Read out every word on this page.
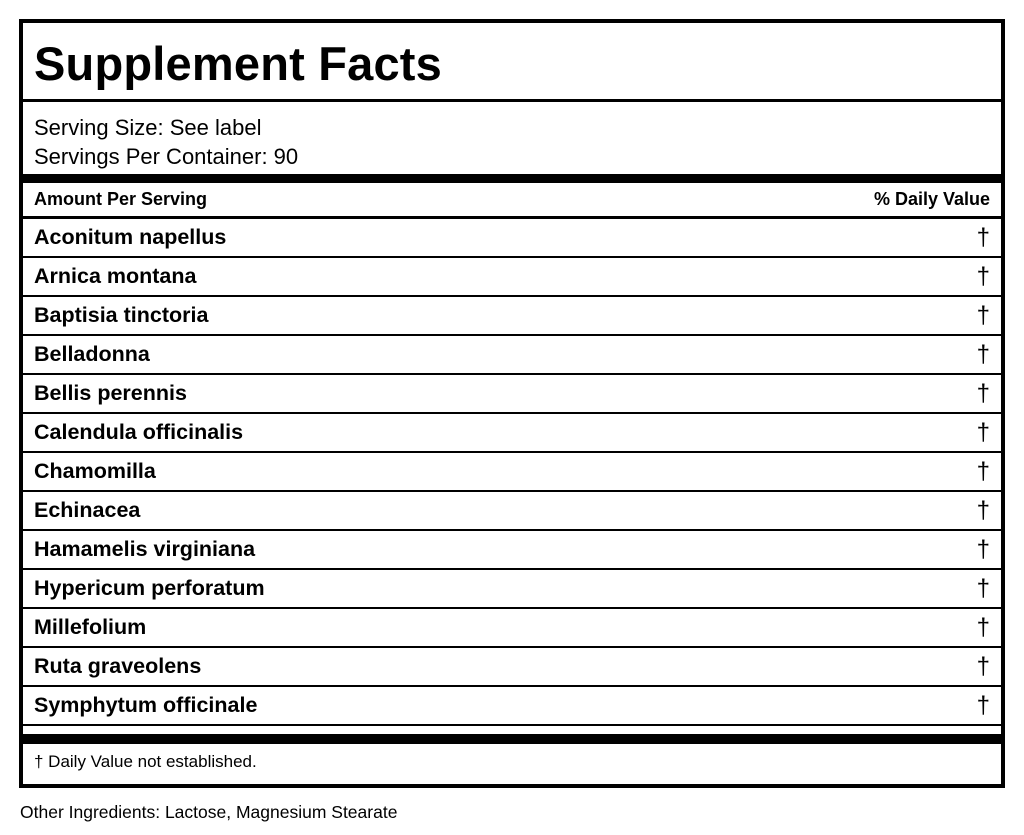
Supplement Facts
Serving Size: See label
Servings Per Container: 90
Amount Per Serving	% Daily Value
Aconitum napellus	†
Arnica montana	†
Baptisia tinctoria	†
Belladonna	†
Bellis perennis	†
Calendula officinalis	†
Chamomilla	†
Echinacea	†
Hamamelis virginiana	†
Hypericum perforatum	†
Millefolium	†
Ruta graveolens	†
Symphytum officinale	†
† Daily Value not established.
Other Ingredients: Lactose, Magnesium Stearate
